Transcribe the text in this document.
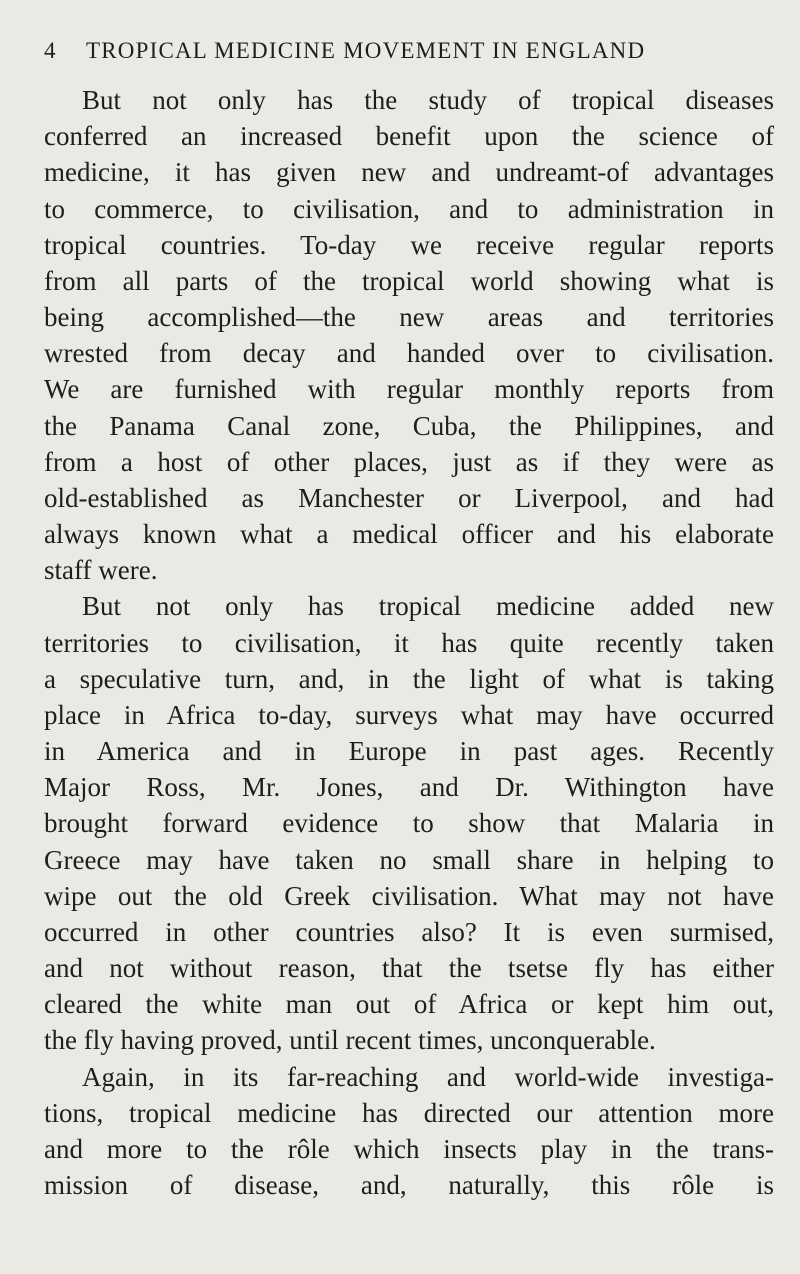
4 TROPICAL MEDICINE MOVEMENT IN ENGLAND
But not only has the study of tropical diseases
conferred an increased benefit upon the science of
medicine, it has given new and undreamt-of advantages
to commerce, to civilisation, and to administration in
tropical countries. To-day we receive regular reports
from all parts of the tropical world showing what is
being accomplished—the new areas and territories
wrested from decay and handed over to civilisation.
We are furnished with regular monthly reports from
the Panama Canal zone, Cuba, the Philippines, and
from a host of other places, just as if they were as
old-established as Manchester or Liverpool, and had
always known what a medical officer and his elaborate
staff were.
But not only has tropical medicine added new
territories to civilisation, it has quite recently taken
a speculative turn, and, in the light of what is taking
place in Africa to-day, surveys what may have occurred
in America and in Europe in past ages. Recently
Major Ross, Mr. Jones, and Dr. Withington have
brought forward evidence to show that Malaria in
Greece may have taken no small share in helping to
wipe out the old Greek civilisation. What may not have
occurred in other countries also? It is even surmised,
and not without reason, that the tsetse fly has either
cleared the white man out of Africa or kept him out,
the fly having proved, until recent times, unconquerable.
Again, in its far-reaching and world-wide investiga-
tions, tropical medicine has directed our attention more
and more to the rôle which insects play in the trans-
mission of disease, and, naturally, this rôle is
